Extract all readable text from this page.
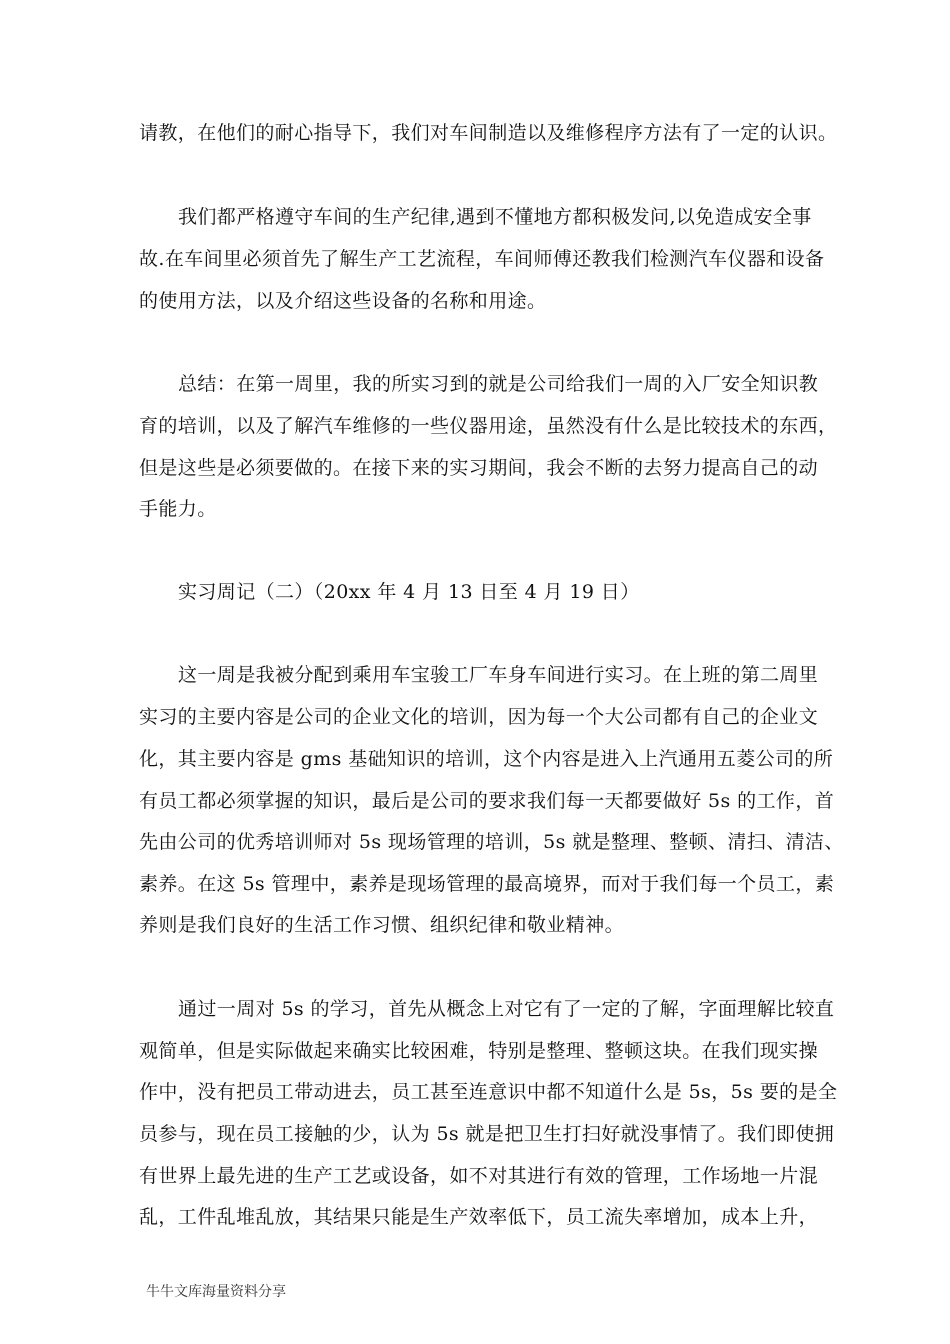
请教，在他们的耐心指导下，我们对车间制造以及维修程序方法有了一定的认识。
我们都严格遵守车间的生产纪律,遇到不懂地方都积极发问,以免造成安全事
故.在车间里必须首先了解生产工艺流程，车间师傅还教我们检测汽车仪器和设备
的使用方法，以及介绍这些设备的名称和用途。
总结：在第一周里，我的所实习到的就是公司给我们一周的入厂安全知识教
育的培训，以及了解汽车维修的一些仪器用途，虽然没有什么是比较技术的东西，
但是这些是必须要做的。在接下来的实习期间，我会不断的去努力提高自己的动
手能力。
实习周记（二）（20xx 年 4 月 13 日至 4 月 19 日）
这一周是我被分配到乘用车宝骏工厂车身车间进行实习。在上班的第二周里
实习的主要内容是公司的企业文化的培训，因为每一个大公司都有自己的企业文
化，其主要内容是 gms 基础知识的培训，这个内容是进入上汽通用五菱公司的所
有员工都必须掌握的知识，最后是公司的要求我们每一天都要做好 5s 的工作，首
先由公司的优秀培训师对 5s 现场管理的培训，5s 就是整理、整顿、清扫、清洁、
素养。在这 5s 管理中，素养是现场管理的最高境界，而对于我们每一个员工，素
养则是我们良好的生活工作习惯、组织纪律和敬业精神。
通过一周对 5s 的学习，首先从概念上对它有了一定的了解，字面理解比较直
观简单，但是实际做起来确实比较困难，特别是整理、整顿这块。在我们现实操
作中，没有把员工带动进去，员工甚至连意识中都不知道什么是 5s，5s 要的是全
员参与，现在员工接触的少，认为 5s 就是把卫生打扫好就没事情了。我们即使拥
有世界上最先进的生产工艺或设备，如不对其进行有效的管理，工作场地一片混
乱，工件乱堆乱放，其结果只能是生产效率低下，员工流失率增加，成本上升，
牛牛文库海量资料分享
